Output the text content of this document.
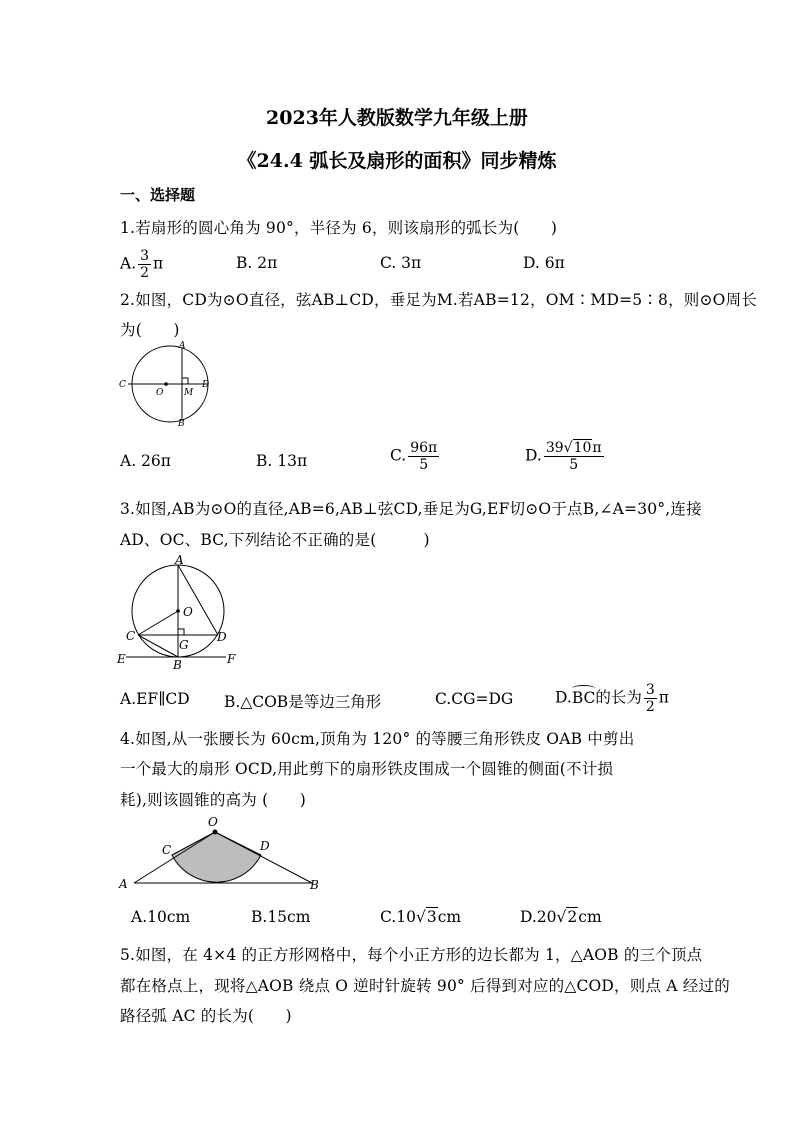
2023年人教版数学九年级上册
《24.4 弧长及扇形的面积》同步精炼
一、选择题
1.若扇形的圆心角为 90°，半径为 6，则该扇形的弧长为(　　)
A. $\frac{3}{2}$ π	B. 2π	C. 3π	D. 6π
2.如图，CD为⊙O直径，弦AB⊥CD，垂足为M.若AB=12，OM∶MD=5∶8，则⊙O周长
为(　　)
A
B
C	D
O M
A. 26π	B. 13π	C. $\frac{96\pi}{5}$	D. $\frac{39√10\pi}{5}$
3.如图,AB为⊙O的直径,AB=6,AB⊥弦CD,垂足为G,EF切⊙O于点B,∠A=30°,连接
AD、OC、BC,下列结论不正确的是(　　　)
A
O
C	D
G
B
E	F
A.EF∥CD B.△COB是等边三角形	C.CG=DG	D.BC的长为 $\frac{3}{2}$ π
4.如图,从一张腰长为 60cm,顶角为 120° 的等腰三角形铁皮 OAB 中剪出
一个最大的扇形 OCD,用此剪下的扇形铁皮围成一个圆锥的侧面(不计损
耗),则该圆锥的高为 (　　)
O
A	B
C	D
A.10cm	B.15cm	C.10√3cm	D.20√2cm
5.如图，在 4×4 的正方形网格中，每个小正方形的边长都为 1，△AOB 的三个顶点
都在格点上，现将△AOB 绕点 O 逆时针旋转 90° 后得到对应的△COD，则点 A 经过的
路径弧 AC 的长为(　　)
